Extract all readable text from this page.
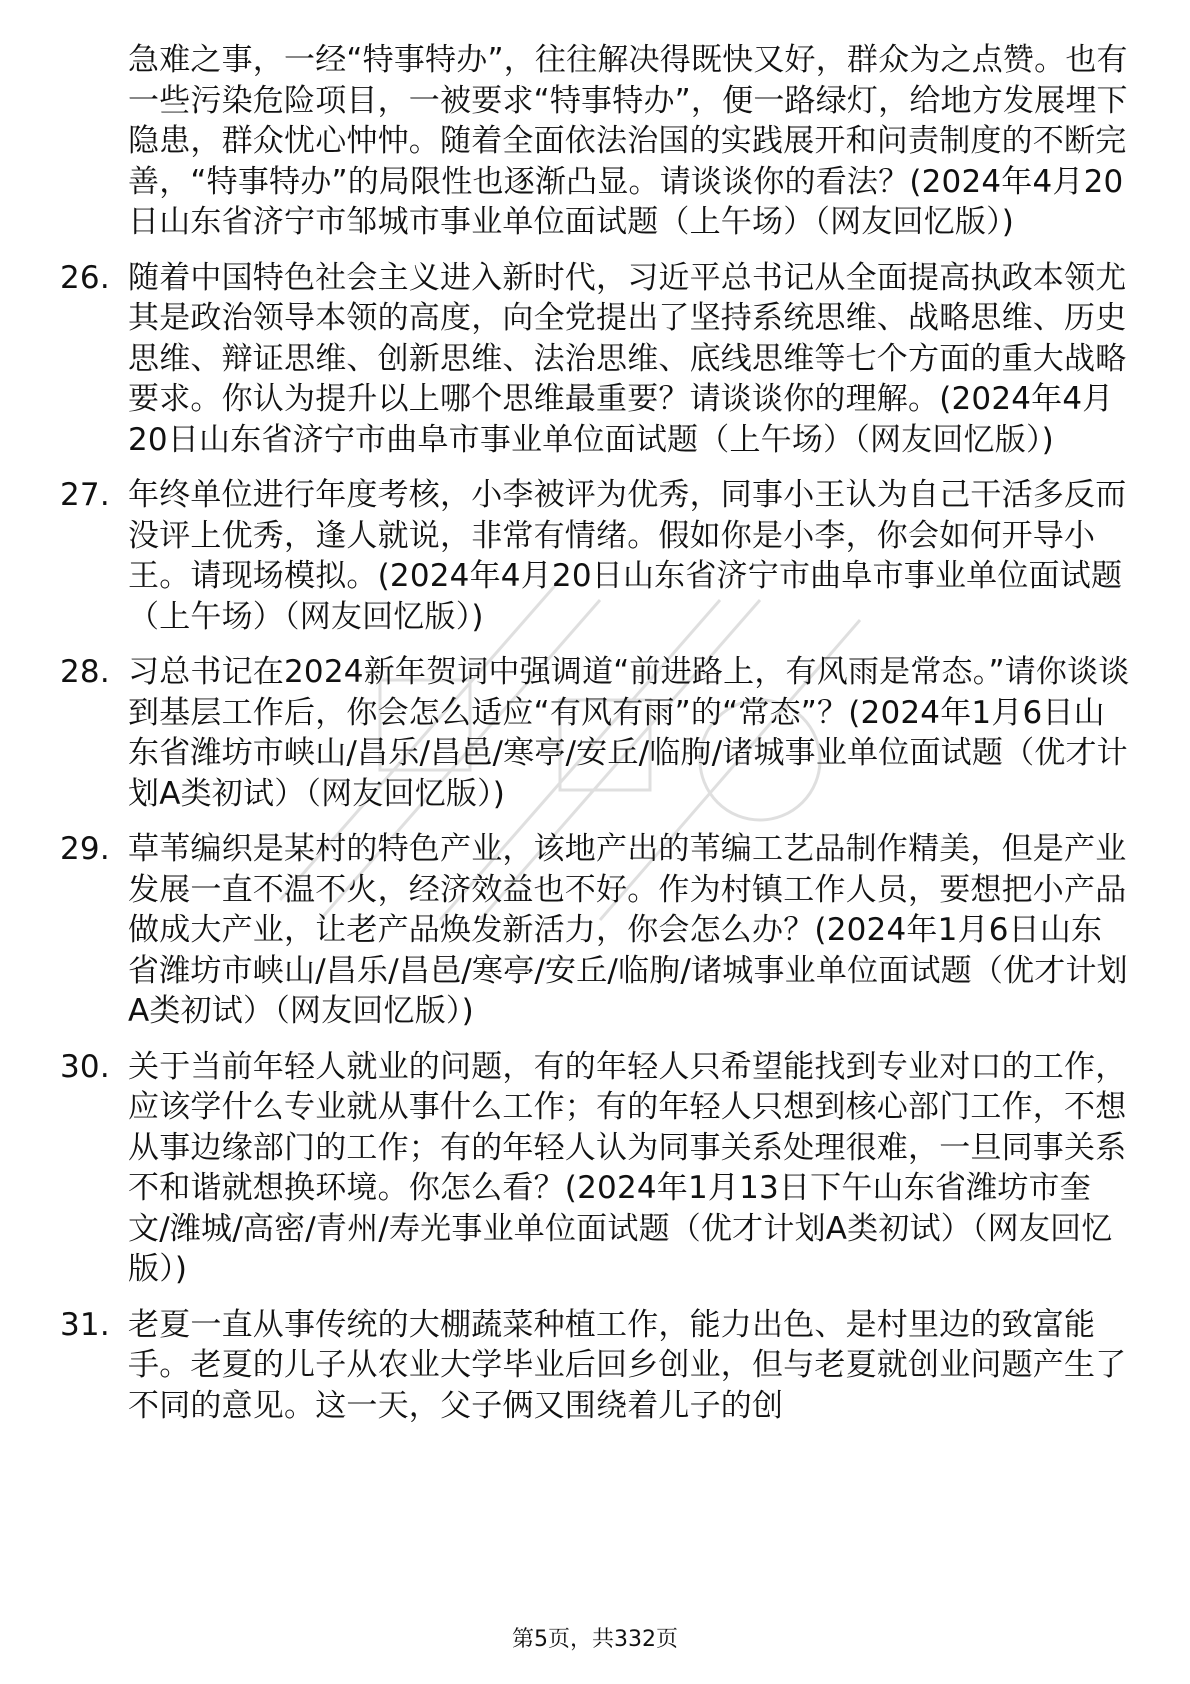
急难之事，一经“特事特办”，往往解决得既快又好，群众为之点赞。也有一些污染危险项目，一被要求“特事特办”，便一路绿灯，给地方发展埋下隐患，群众忧心忡忡。随着全面依法治国的实践展开和问责制度的不断完善，“特事特办”的局限性也逐渐凸显。请谈谈你的看法？(2024年4月20日山东省济宁市邹城市事业单位面试题（上午场）（网友回忆版）)
26. 随着中国特色社会主义进入新时代，习近平总书记从全面提高执政本领尤其是政治领导本领的高度，向全党提出了坚持系统思维、战略思维、历史思维、辩证思维、创新思维、法治思维、底线思维等七个方面的重大战略要求。你认为提升以上哪个思维最重要？请谈谈你的理解。(2024年4月20日山东省济宁市曲阜市事业单位面试题（上午场）（网友回忆版）)
27. 年终单位进行年度考核，小李被评为优秀，同事小王认为自己干活多反而没评上优秀，逢人就说，非常有情绪。假如你是小李，你会如何开导小王。请现场模拟。(2024年4月20日山东省济宁市曲阜市事业单位面试题（上午场）（网友回忆版）)
28. 习总书记在2024新年贺词中强调道“前进路上，有风雨是常态。”请你谈谈到基层工作后，你会怎么适应“有风有雨”的“常态”？(2024年1月6日山东省潍坊市峡山/昌乐/昌邑/寒亭/安丘/临朐/诸城事业单位面试题（优才计划A类初试）（网友回忆版）)
29. 草苇编织是某村的特色产业，该地产出的苇编工艺品制作精美，但是产业发展一直不温不火，经济效益也不好。作为村镇工作人员，要想把小产品做成大产业，让老产品焕发新活力，你会怎么办？(2024年1月6日山东省潍坊市峡山/昌乐/昌邑/寒亭/安丘/临朐/诸城事业单位面试题（优才计划A类初试）（网友回忆版）)
30. 关于当前年轻人就业的问题，有的年轻人只希望能找到专业对口的工作，应该学什么专业就从事什么工作；有的年轻人只想到核心部门工作，不想从事边缘部门的工作；有的年轻人认为同事关系处理很难，一旦同事关系不和谐就想换环境。你怎么看？(2024年1月13日下午山东省潍坊市奎文/潍城/高密/青州/寿光事业单位面试题（优才计划A类初试）（网友回忆版）)
31. 老夏一直从事传统的大棚蔬菜种植工作，能力出色、是村里边的致富能手。老夏的儿子从农业大学毕业后回乡创业，但与老夏就创业问题产生了不同的意见。这一天，父子俩又围绕着儿子的创
第5页，共332页
